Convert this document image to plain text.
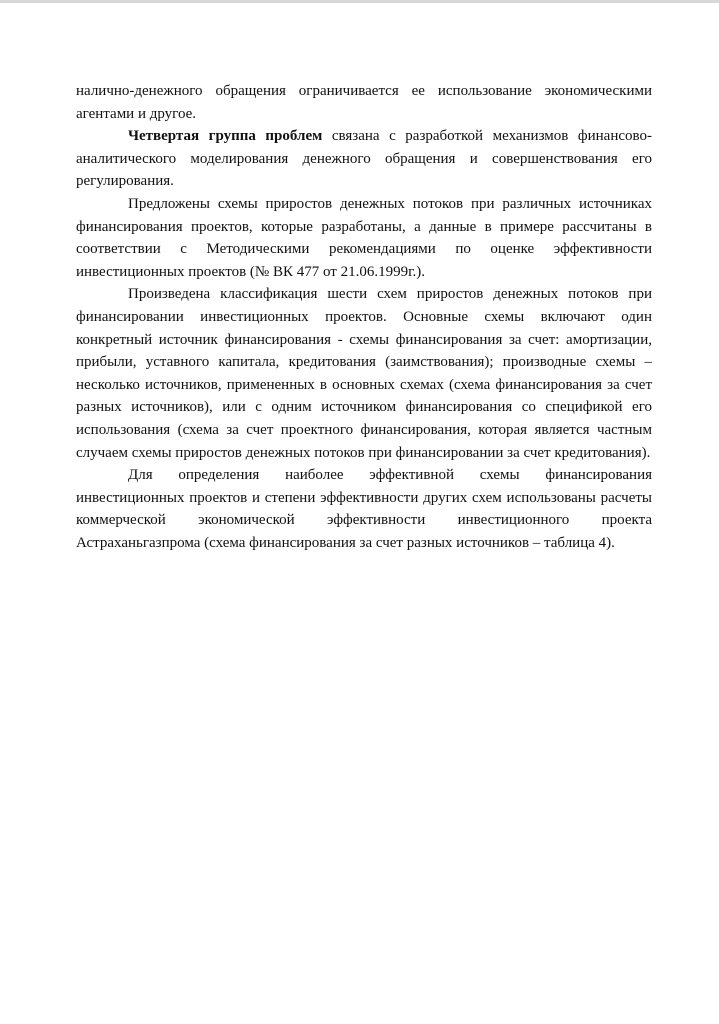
налично-денежного обращения ограничивается ее использование экономическими агентами и другое.

Четвертая группа проблем связана с разработкой механизмов финансово-аналитического моделирования денежного обращения и совершенствования его регулирования.

Предложены схемы приростов денежных потоков при различных источниках финансирования проектов, которые разработаны, а данные в примере рассчитаны в соответствии с Методическими рекомендациями по оценке эффективности инвестиционных проектов (№ ВК 477 от 21.06.1999г.).

Произведена классификация шести схем приростов денежных потоков при финансировании инвестиционных проектов. Основные схемы включают один конкретный источник финансирования - схемы финансирования за счет: амортизации, прибыли, уставного капитала, кредитования (заимствования); производные схемы – несколько источников, примененных в основных схемах (схема финансирования за счет разных источников), или с одним источником финансирования со спецификой его использования (схема за счет проектного финансирования, которая является частным случаем схемы приростов денежных потоков при финансировании за счет кредитования).

Для определения наиболее эффективной схемы финансирования инвестиционных проектов и степени эффективности других схем использованы расчеты коммерческой экономической эффективности инвестиционного проекта Астраханьгазпрома (схема финансирования за счет разных источников – таблица 4).
